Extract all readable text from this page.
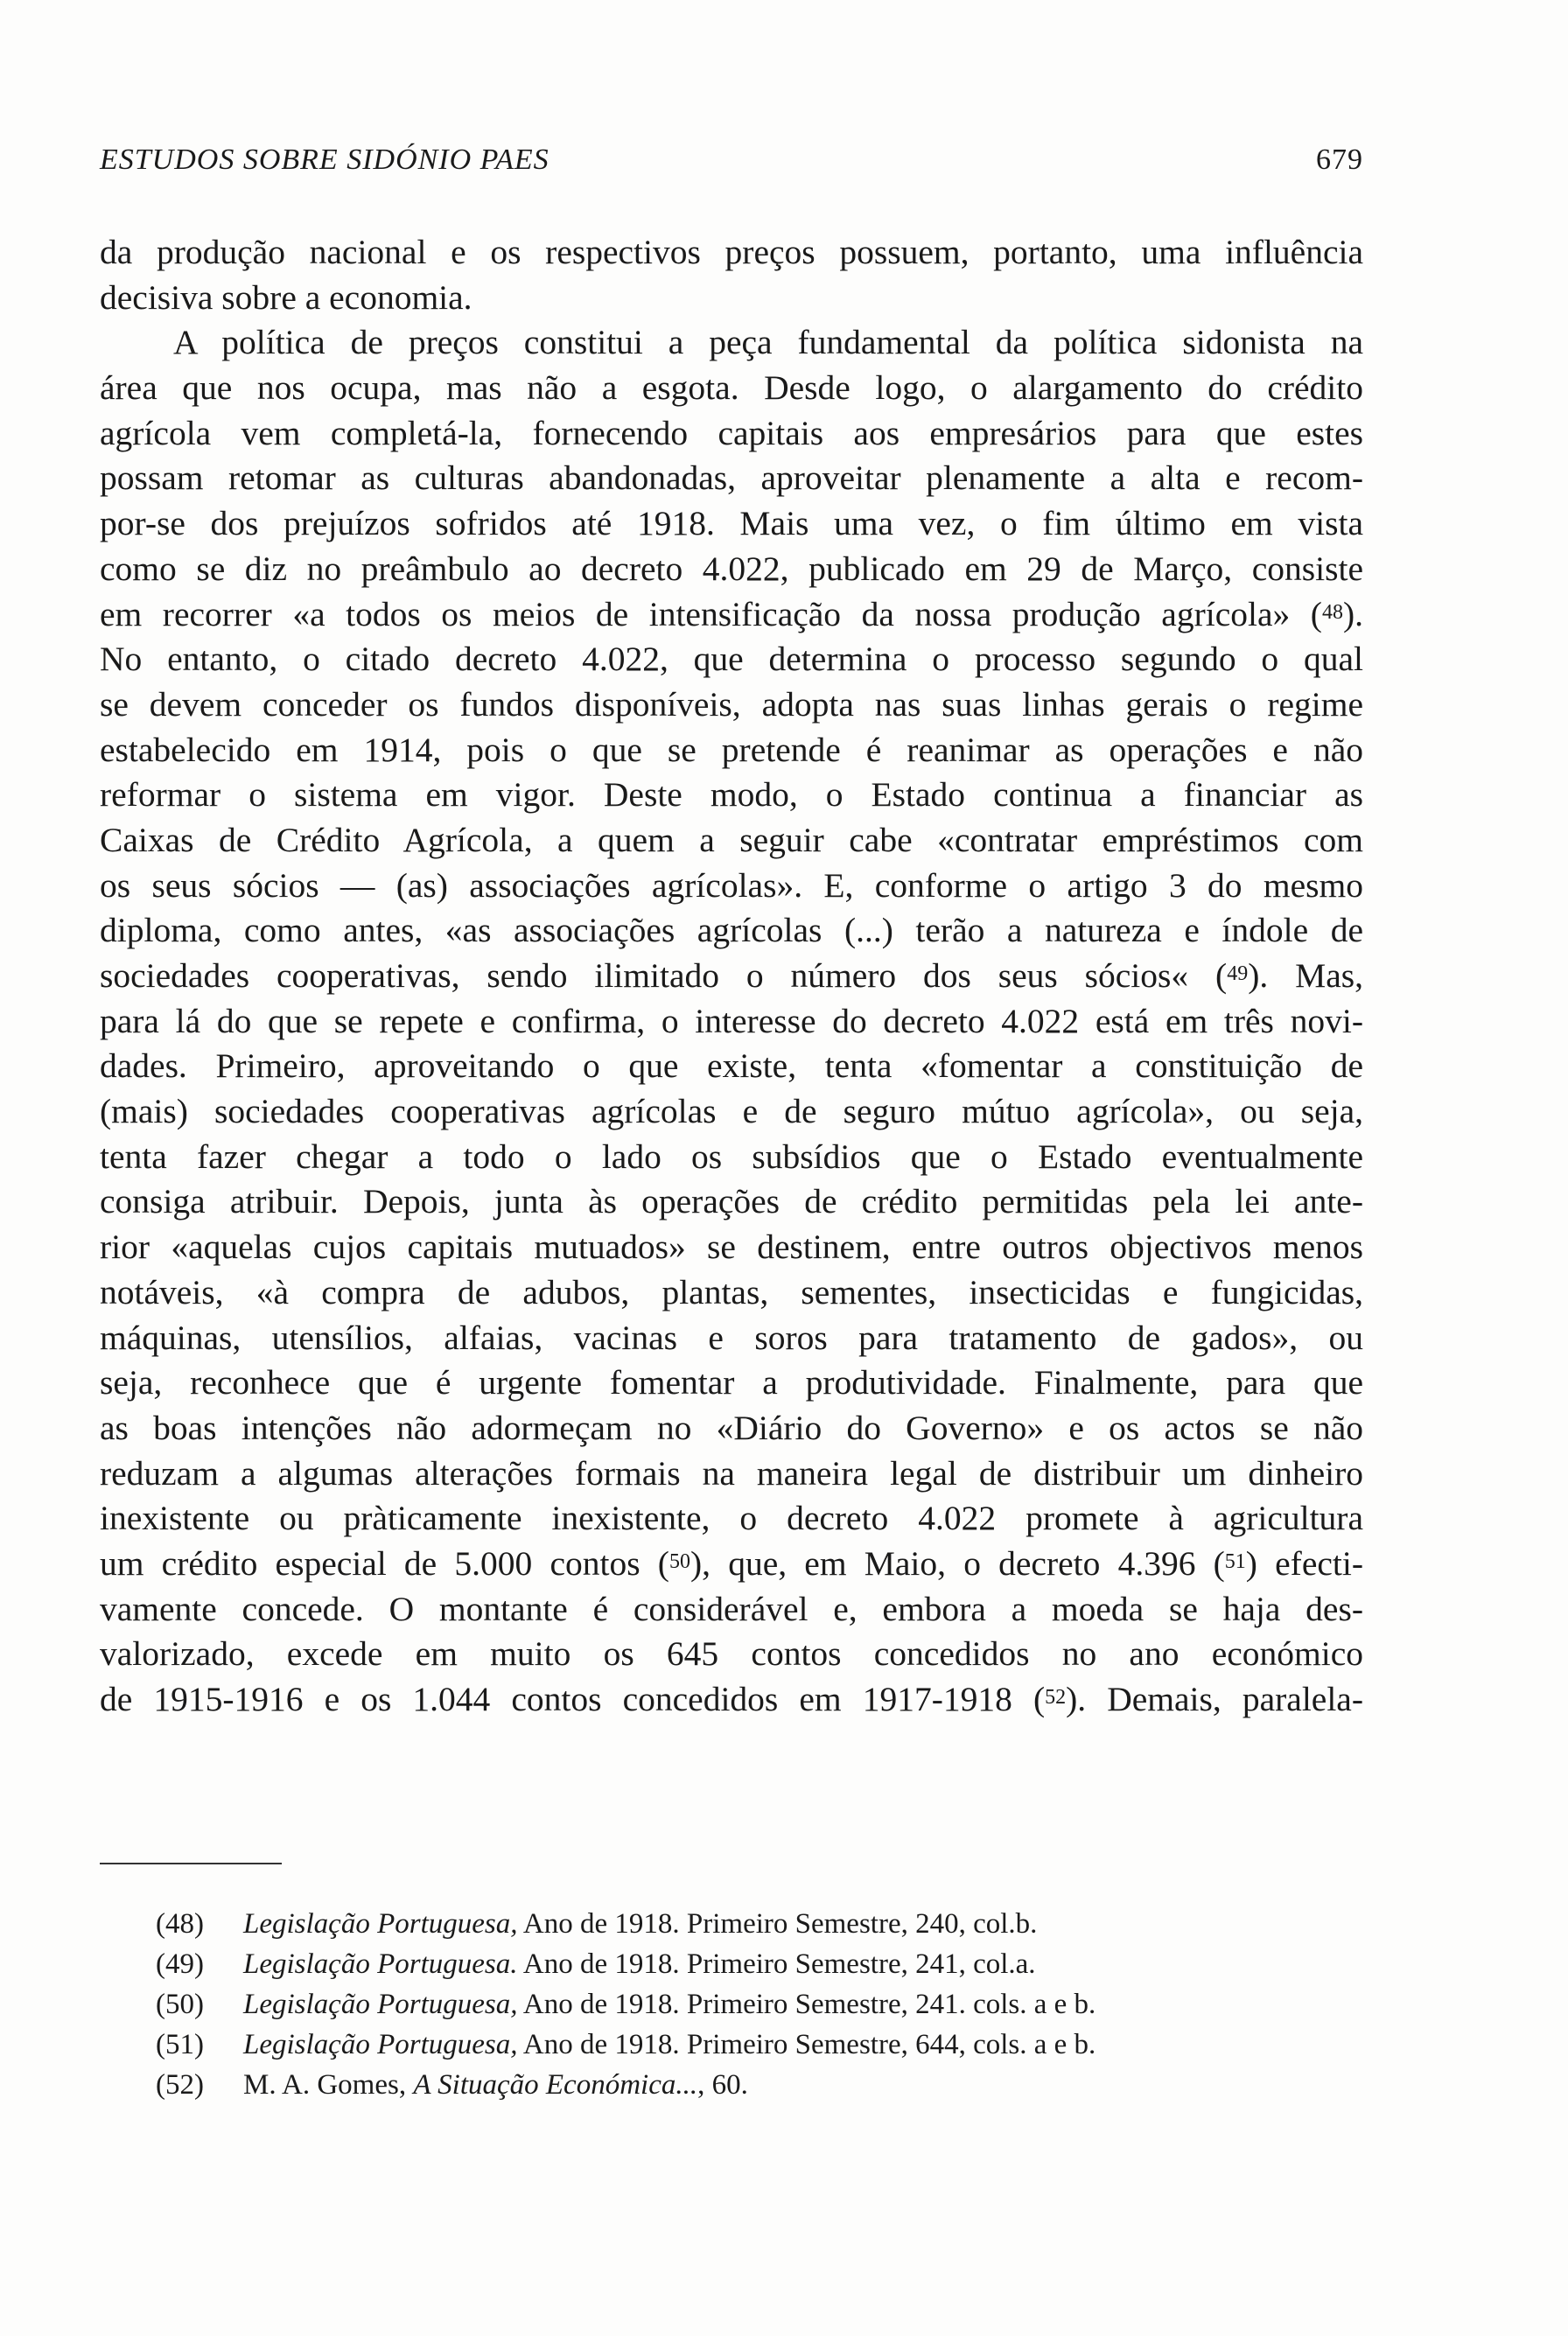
ESTUDOS SOBRE SIDÓNIO PAES	679
da produção nacional e os respectivos preços possuem, portanto, uma influência
decisiva sobre a economia.
A política de preços constitui a peça fundamental da política sidonista na
área que nos ocupa, mas não a esgota. Desde logo, o alargamento do crédito
agrícola vem completá-la, fornecendo capitais aos empresários para que estes
possam retomar as culturas abandonadas, aproveitar plenamente a alta e recom-
por-se dos prejuízos sofridos até 1918. Mais uma vez, o fim último em vista
como se diz no preâmbulo ao decreto 4.022, publicado em 29 de Março, consiste
em recorrer «a todos os meios de intensificação da nossa produção agrícola» ($^{48}$).
No entanto, o citado decreto 4.022, que determina o processo segundo o qual
se devem conceder os fundos disponíveis, adopta nas suas linhas gerais o regime
estabelecido em 1914, pois o que se pretende é reanimar as operações e não
reformar o sistema em vigor. Deste modo, o Estado continua a financiar as
Caixas de Crédito Agrícola, a quem a seguir cabe «contratar empréstimos com
os seus sócios — (as) associações agrícolas». E, conforme o artigo 3 do mesmo
diploma, como antes, «as associações agrícolas (...) terão a natureza e índole de
sociedades cooperativas, sendo ilimitado o número dos seus sócios« ($^{49}$). Mas,
para lá do que se repete e confirma, o interesse do decreto 4.022 está em três novi-
dades. Primeiro, aproveitando o que existe, tenta «fomentar a constituição de
(mais) sociedades cooperativas agrícolas e de seguro mútuo agrícola», ou seja,
tenta fazer chegar a todo o lado os subsídios que o Estado eventualmente
consiga atribuir. Depois, junta às operações de crédito permitidas pela lei ante-
rior «aquelas cujos capitais mutuados» se destinem, entre outros objectivos menos
notáveis, «à compra de adubos, plantas, sementes, insecticidas e fungicidas,
máquinas, utensílios, alfaias, vacinas e soros para tratamento de gados», ou
seja, reconhece que é urgente fomentar a produtividade. Finalmente, para que
as boas intenções não adormeçam no «Diário do Governo» e os actos se não
reduzam a algumas alterações formais na maneira legal de distribuir um dinheiro
inexistente ou pràticamente inexistente, o decreto 4.022 promete à agricultura
um crédito especial de 5.000 contos ($^{50}$), que, em Maio, o decreto 4.396 ($^{51}$) efecti-
vamente concede. O montante é considerável e, embora a moeda se haja des-
valorizado, excede em muito os 645 contos concedidos no ano económico
de 1915-1916 e os 1.044 contos concedidos em 1917-1918 ($^{52}$). Demais, paralela-
(48) Legislação Portuguesa, Ano de 1918. Primeiro Semestre, 240, col.b.
(49) Legislação Portuguesa. Ano de 1918. Primeiro Semestre, 241, col.a.
(50) Legislação Portuguesa, Ano de 1918. Primeiro Semestre, 241. cols. a e b.
(51) Legislação Portuguesa, Ano de 1918. Primeiro Semestre, 644, cols. a e b.
(52) M. A. Gomes, A Situação Económica..., 60.
